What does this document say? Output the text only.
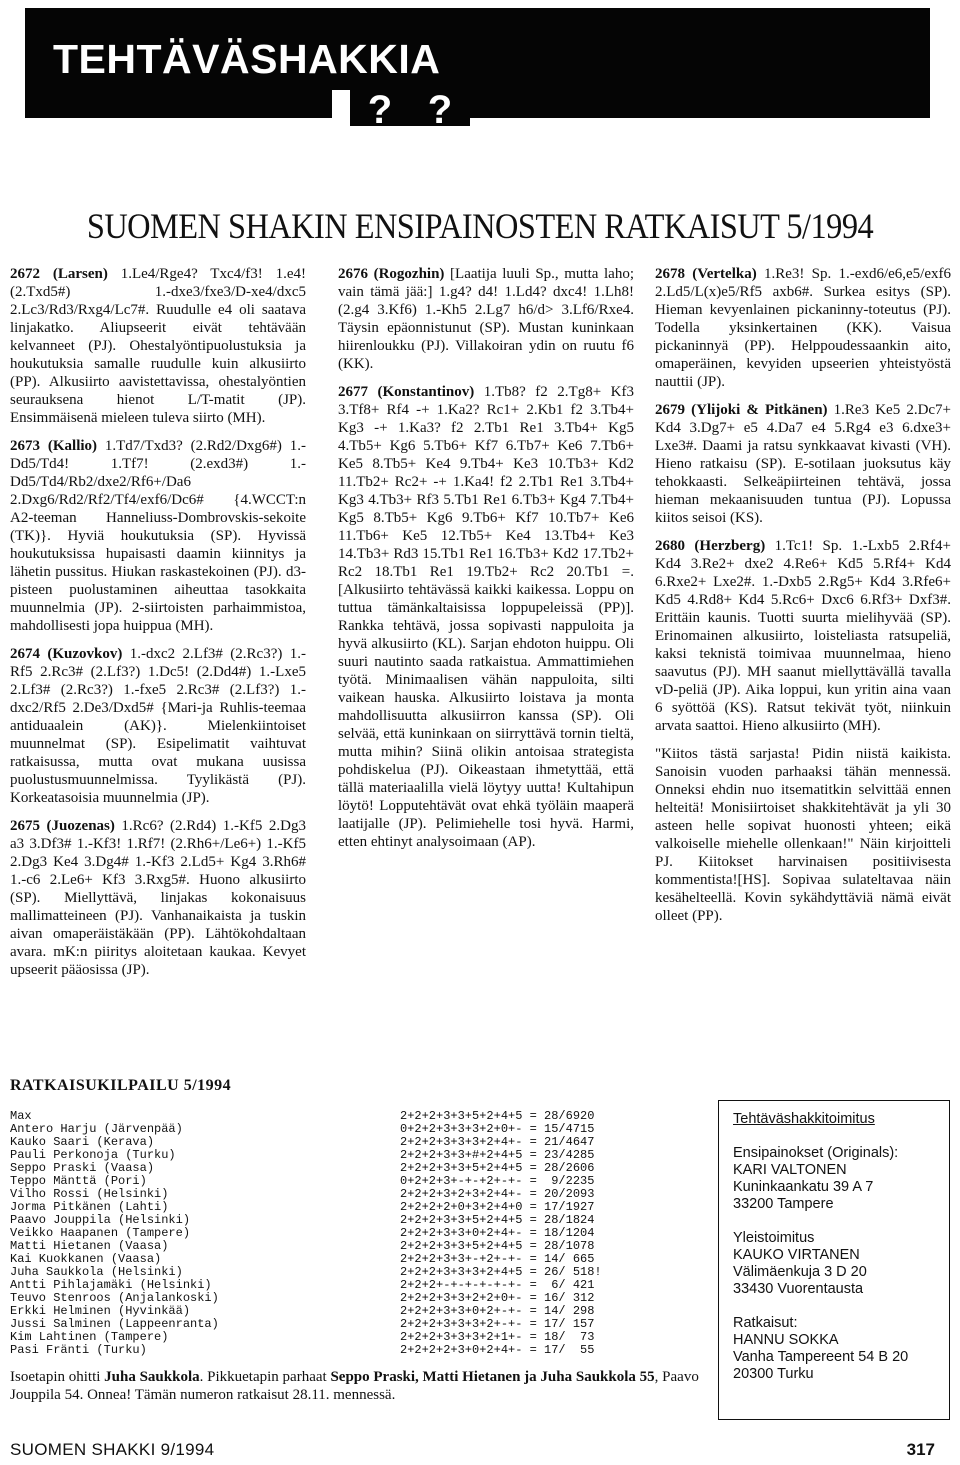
TEHTÄVÄSHAKKIA
? ?
SUOMEN SHAKIN ENSIPAINOSTEN RATKAISUT 5/1994

2672 (Larsen) 1.Le4/Rge4? Txc4/f3! 1.e4! (2.Txd5#) 1.-dxe3/fxe3/D-xe4/dxc5 2.Lc3/Rd3/Rxg4/Lc7#. Ruudulle e4 oli saatava linjakatko. Aliupseerit eivät tehtävään kelvanneet (PJ). Ohestalyöntipuolustuksia ja houkutuksia samalle ruudulle kuin alkusiirto (PP). Alkusiirto aavistettavissa, ohestalyöntien seurauksena hienot L/T-matit (JP). Ensimmäisenä mieleen tuleva siirto (MH).

2673 (Kallio) 1.Td7/Txd3? (2.Rd2/Dxg6#) 1.-Dd5/Td4! 1.Tf7! (2.exd3#) 1.-Dd5/Td4/Rb2/dxe2/Rf6+/Da6 2.Dxg6/Rd2/Rf2/Tf4/exf6/Dc6# {4.WCCT:n A2-teeman Hanneliuss-Dombrovskis-sekoite (TK)}. Hyviä houkutuksia (SP). Hyvissä houkutuksissa hupaisasti daamin kiinnitys ja lähetin pussitus. Hiukan raskastekoinen (PJ). d3-pisteen puolustaminen aiheuttaa tasokkaita muunnelmia (JP). 2-siirtoisten parhaimmistoa, mahdollisesti jopa huippua (MH).

2674 (Kuzovkov) 1.-dxc2 2.Lf3# (2.Rc3?) 1.-Rf5 2.Rc3# (2.Lf3?) 1.Dc5! (2.Dd4#) 1.-Lxe5 2.Lf3# (2.Rc3?) 1.-fxe5 2.Rc3# (2.Lf3?) 1.-dxc2/Rf5 2.De3/Dxd5# {Mari-ja Ruhlis-teemaa antiduaalein (AK)}. Mielenkiintoiset muunnelmat (SP). Esipelimatit vaihtuvat ratkaisussa, mutta ovat mukana uusissa puolustusmuunnelmissa. Tyylikästä (PJ). Korkeatasoisia muunnelmia (JP).

2675 (Juozenas) 1.Rc6? (2.Rd4) 1.-Kf5 2.Dg3 a3 3.Df3# 1.-Kf3! 1.Rf7! (2.Rh6+/Le6+) 1.-Kf5 2.Dg3 Ke4 3.Dg4# 1.-Kf3 2.Ld5+ Kg4 3.Rh6# 1.-c6 2.Le6+ Kf3 3.Rxg5#. Huono alkusiirto (SP). Miellyttävä, linjakas kokonaisuus mallimatteineen (PJ). Vanhanaikaista ja tuskin aivan omaperäistäkään (PP). Lähtökohdaltaan avara. mK:n piiritys aloitetaan kaukaa. Kevyet upseerit pääosissa (JP).

2676 (Rogozhin) [Laatija luuli Sp., mutta laho; vain tämä jää:] 1.g4? d4! 1.Ld4? dxc4! 1.Lh8! (2.g4 3.Kf6) 1.-Kh5 2.Lg7 h6/d> 3.Lf6/Rxe4. Täysin epäonnistunut (SP). Mustan kuninkaan hiirenloukku (PJ). Villakoiran ydin on ruutu f6 (KK).

2677 (Konstantinov) 1.Tb8? f2 2.Tg8+ Kf3 3.Tf8+ Rf4 -+ 1.Ka2? Rc1+ 2.Kb1 f2 3.Tb4+ Kg3 -+ 1.Ka3? f2 2.Tb1 Re1 3.Tb4+ Kg5 4.Tb5+ Kg6 5.Tb6+ Kf7 6.Tb7+ Ke6 7.Tb6+ Ke5 8.Tb5+ Ke4 9.Tb4+ Ke3 10.Tb3+ Kd2 11.Tb2+ Rc2+ -+ 1.Ka4! f2 2.Tb1 Re1 3.Tb4+ Kg3 4.Tb3+ Rf3 5.Tb1 Re1 6.Tb3+ Kg4 7.Tb4+ Kg5 8.Tb5+ Kg6 9.Tb6+ Kf7 10.Tb7+ Ke6 11.Tb6+ Ke5 12.Tb5+ Ke4 13.Tb4+ Ke3 14.Tb3+ Rd3 15.Tb1 Re1 16.Tb3+ Kd2 17.Tb2+ Rc2 18.Tb1 Re1 19.Tb2+ Rc2 20.Tb1 =. [Alkusiirto tehtävässä kaikki kaikessa. Loppu on tuttua tämänkaltaisissa loppupeleissä (PP)]. Rankka tehtävä, jossa sopivasti nappuloita ja hyvä alkusiirto (KL). Sarjan ehdoton huippu. Oli suuri nautinto saada ratkaistua. Ammattimiehen työtä. Minimaalisen vähän nappuloita, silti vaikean hauska. Alkusiirto loistava ja monta mahdollisuutta alkusiirron kanssa (SP). Oli selvää, että kuninkaan on siirryttävä tornin tieltä, mutta mihin? Siinä olikin antoisaa strategista pohdiskelua (PJ). Oikeastaan ihmetyttää, että tällä materiaalilla vielä löytyy uutta! Kultahipun löytö! Lopputehtävät ovat ehkä työläin maaperä laatijalle (JP). Pelimiehelle tosi hyvä. Harmi, etten ehtinyt analysoimaan (AP).

2678 (Vertelka) 1.Re3! Sp. 1.-exd6/e6,e5/exf6 2.Ld5/L(x)e5/Rf5 axb6#. Surkea esitys (SP). Hieman kevyenlainen pickaninny-toteutus (PJ). Todella yksinkertainen (KK). Vaisua pickaninnyä (PP). Helppoudessaankin aito, omaperäinen, kevyiden upseerien yhteistyöstä nauttii (JP).

2679 (Ylijoki & Pitkänen) 1.Re3 Ke5 2.Dc7+ Kd4 3.Dg7+ e5 4.Da7 e4 5.Rg4 e3 6.dxe3+ Lxe3#. Daami ja ratsu synkkaavat kivasti (VH). Hieno ratkaisu (SP). E-sotilaan juoksutus käy tehokkaasti. Selkeäpiirteinen tehtävä, jossa hieman mekaanisuuden tuntua (PJ). Lopussa kiitos seisoi (KS).

2680 (Herzberg) 1.Tc1! Sp. 1.-Lxb5 2.Rf4+ Kd4 3.Re2+ dxe2 4.Re6+ Kd5 5.Rf4+ Kd4 6.Rxe2+ Lxe2#. 1.-Dxb5 2.Rg5+ Kd4 3.Rfe6+ Kd5 4.Rd8+ Kd4 5.Rc6+ Dxc6 6.Rf3+ Dxf3#. Erittäin kaunis. Tuotti suurta mielihyvää (SP). Erinomainen alkusiirto, loisteliasta ratsupeliä, kaksi teknistä toimivaa muunnelmaa, hieno saavutus (PJ). MH saanut miellyttävällä tavalla vD-peliä (JP). Aika loppui, kun yritin aina vaan 6 syöttöä (KS). Ratsut tekivät työt, niinkuin arvata saattoi. Hieno alkusiirto (MH).

"Kiitos tästä sarjasta! Pidin niistä kaikista. Sanoisin vuoden parhaaksi tähän mennessä. Onneksi ehdin nuo itsematitkin selvittää ennen helteitä! Monisiirtoiset shakkitehtävät ja yli 30 asteen helle sopivat huonosti yhteen; eikä valkoiselle miehelle ollenkaan!" Näin kirjoitteli PJ. Kiitokset harvinaisen positiivisesta kommentista![HS]. Sopivaa sulateltavaa näin kesähelteellä. Kovin sykähdyttäviä nämä eivät olleet (PP).

RATKAISUKILPAILU 5/1994
Max	2+2+2+3+3+5+2+4+5 = 28/6920
Antero Harju (Järvenpää)	0+2+2+3+3+3+2+0+- = 15/4715
Kauko Saari (Kerava)	2+2+2+3+3+3+2+4+- = 21/4647
Pauli Perkonoja (Turku)	2+2+2+3+3+#+2+4+5 = 23/4285
Seppo Praski (Vaasa)	2+2+2+3+3+5+2+4+5 = 28/2606
Teppo Mänttä (Pori)	0+2+2+3+-+-+2+-+- =  9/2235
Vilho Rossi (Helsinki)	2+2+2+3+2+3+2+4+- = 20/2093
Jorma Pitkänen (Lahti)	2+2+2+2+0+3+2+4+0 = 17/1927
Paavo Jouppila (Helsinki)	2+2+2+3+3+5+2+4+5 = 28/1824
Veikko Haapanen (Tampere)	2+2+2+3+3+0+2+4+- = 18/1204
Matti Hietanen (Vaasa)	2+2+2+3+3+5+2+4+5 = 28/1078
Kai Kuokkanen (Vaasa)	2+2+2+3+3+-+2+-+- = 14/ 665
Juha Saukkola (Helsinki)	2+2+2+3+3+3+2+4+5 = 26/ 518!
Antti Pihlajamäki (Helsinki)	2+2+2+-+-+-+-+-+- =  6/ 421
Teuvo Stenroos (Anjalankoski)	2+2+2+3+3+2+2+0+- = 16/ 312
Erkki Helminen (Hyvinkää)	2+2+2+3+3+0+2+-+- = 14/ 298
Jussi Salminen (Lappeenranta)	2+2+2+3+3+3+2+-+- = 17/ 157
Kim Lahtinen (Tampere)	2+2+2+3+3+3+2+1+- = 18/  73
Pasi Fränti (Turku)	2+2+2+2+3+0+2+4+- = 17/  55

Isoetapin ohitti Juha Saukkola. Pikkuetapin parhaat Seppo Praski, Matti Hietanen ja Juha Saukkola 55, Paavo Jouppila 54. Onnea! Tämän numeron ratkaisut 28.11. mennessä.

Tehtäväshakkitoimitus
Ensipainokset (Originals):
KARI VALTONEN
Kuninkaankatu 39 A 7
33200 Tampere
Yleistoimitus
KAUKO VIRTANEN
Välimäenkuja 3 D 20
33430 Vuorentausta
Ratkaisut:
HANNU SOKKA
Vanha Tampereent 54 B 20
20300 Turku

SUOMEN SHAKKI 9/1994	317
